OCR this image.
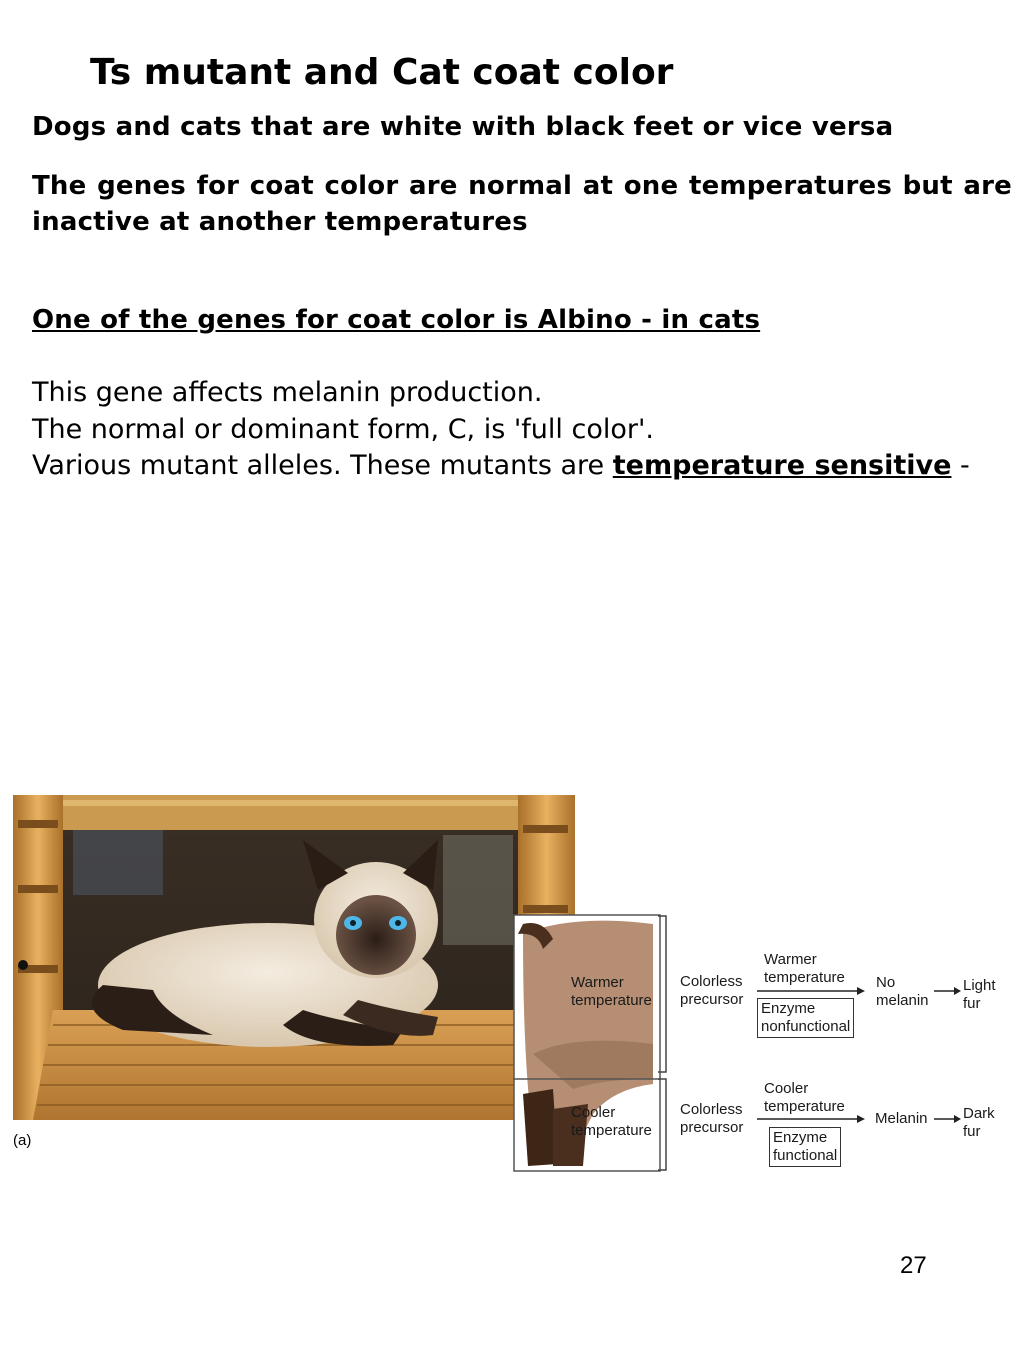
Ts mutant and Cat coat color
Dogs and cats that are white with black feet or vice versa
The genes for coat color are normal at one temperatures but are inactive at another temperatures
One of the genes for coat color is Albino - in cats
This gene affects melanin production.
The normal or dominant form, C, is 'full color'.
Various mutant alleles. These mutants are temperature sensitive -
(a)
Warmer
temperature
Cooler
temperature
Colorless
precursor
Warmer
temperature
Enzyme
nonfunctional
No
melanin
Light
fur
Colorless
precursor
Cooler
temperature
Enzyme
functional
Melanin Dark
fur
27
